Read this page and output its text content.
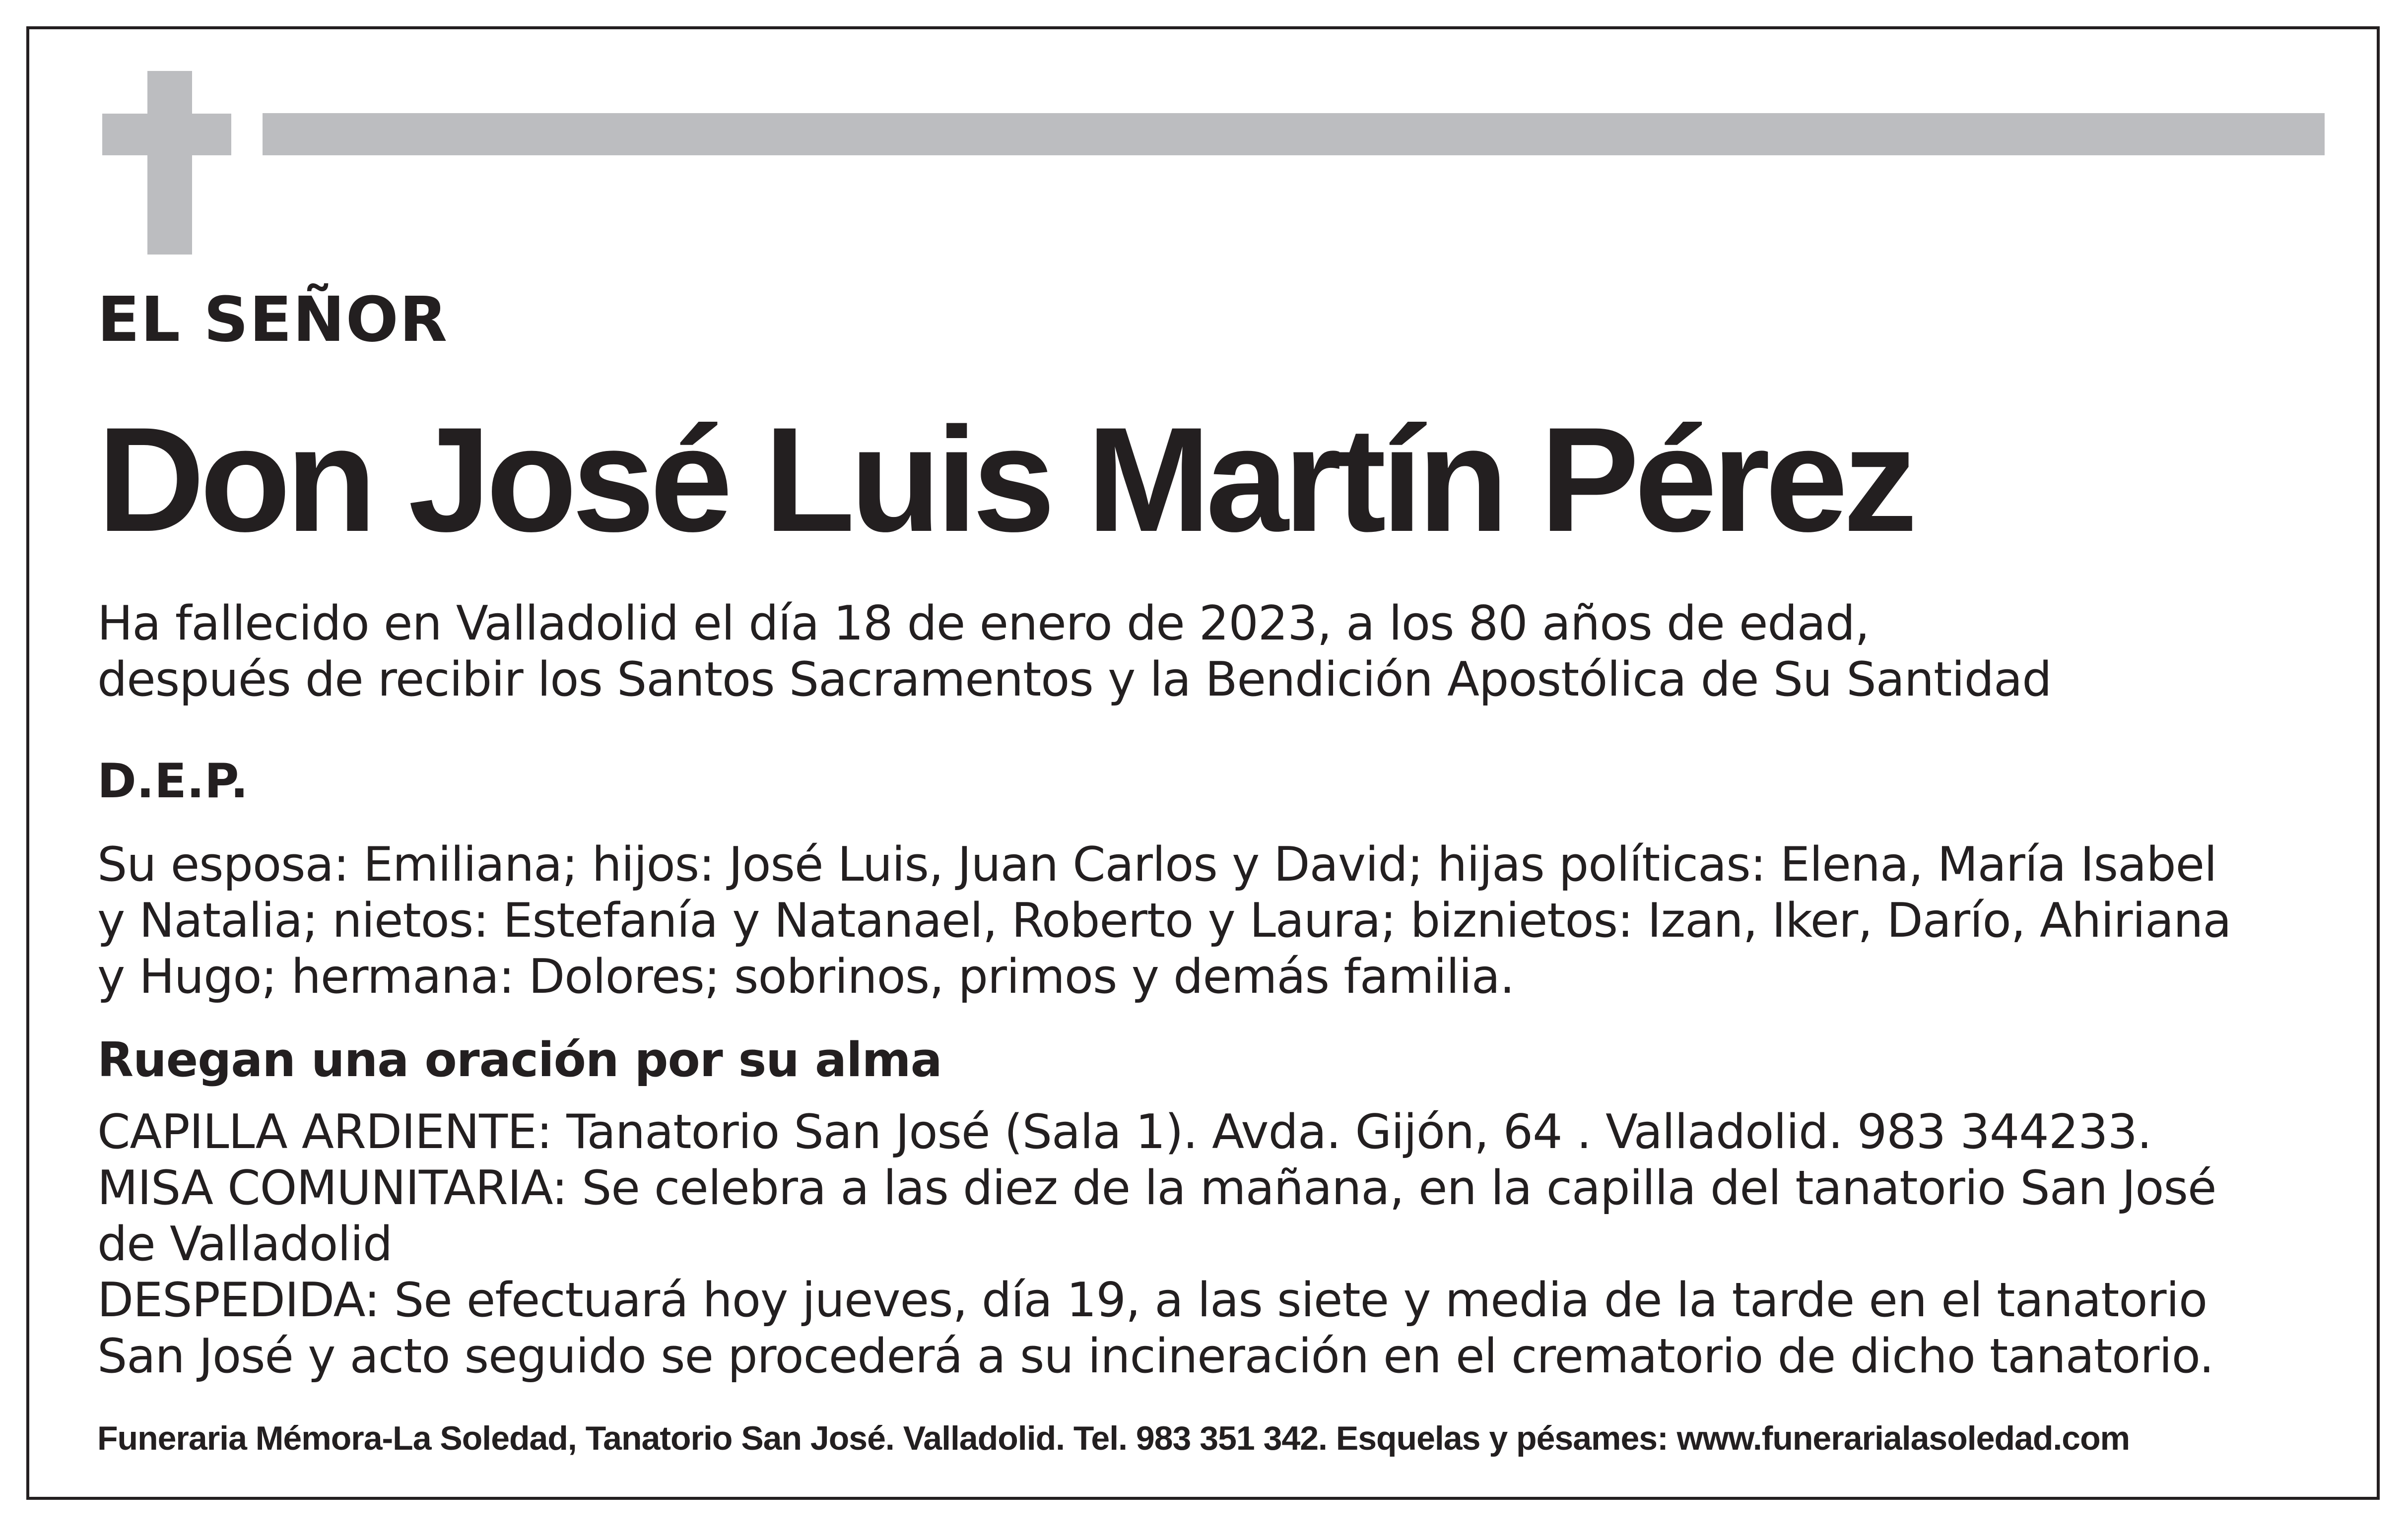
EL SEÑOR

Don José Luis Martín Pérez

Ha fallecido en Valladolid el día 18 de enero de 2023, a los 80 años de edad,
después de recibir los Santos Sacramentos y la Bendición Apostólica de Su Santidad

D.E.P.

Su esposa: Emiliana; hijos: José Luis, Juan Carlos y David; hijas políticas: Elena, María Isabel
y Natalia; nietos: Estefanía y Natanael, Roberto y Laura; biznietos: Izan, Iker, Darío, Ahiriana
y Hugo; hermana: Dolores; sobrinos, primos y demás familia.

Ruegan una oración por su alma

CAPILLA ARDIENTE: Tanatorio San José (Sala 1). Avda. Gijón, 64 . Valladolid. 983 344233.
MISA COMUNITARIA: Se celebra a las diez de la mañana, en la capilla del tanatorio San José
de Valladolid
DESPEDIDA: Se efectuará hoy jueves, día 19, a las siete y media de la tarde en el tanatorio
San José y acto seguido se procederá a su incineración en el crematorio de dicho tanatorio.

Funeraria Mémora-La Soledad, Tanatorio San José. Valladolid. Tel. 983 351 342. Esquelas y pésames: www.funerarialasoledad.com
